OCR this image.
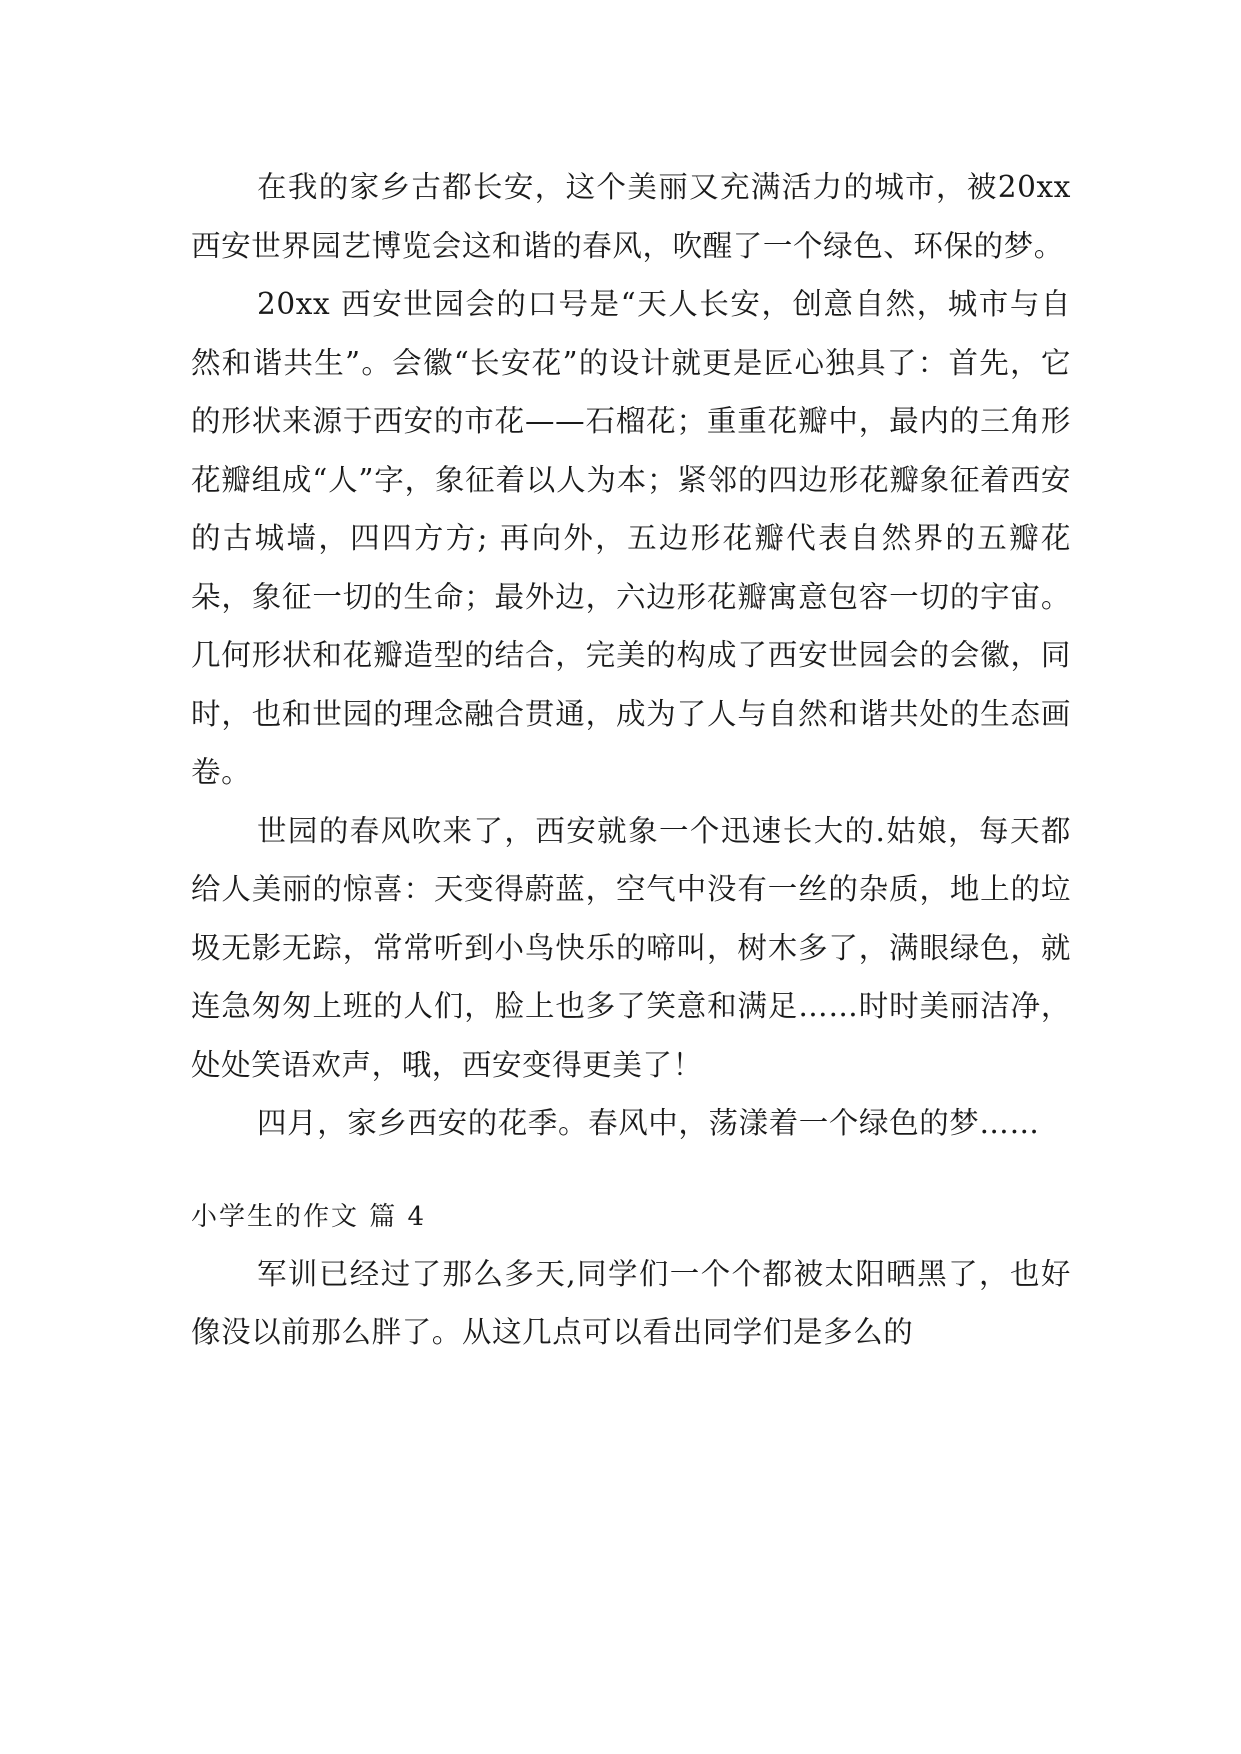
在我的家乡古都长安，这个美丽又充满活力的城市，被20xx 西安世界园艺博览会这和谐的春风，吹醒了一个绿色、环保的梦。

20xx 西安世园会的口号是“天人长安，创意自然，城市与自然和谐共生”。会徽“长安花”的设计就更是匠心独具了：首先，它的形状来源于西安的市花——石榴花；重重花瓣中，最内的三角形花瓣组成“人”字，象征着以人为本；紧邻的四边形花瓣象征着西安的古城墙，四四方方; 再向外，五边形花瓣代表自然界的五瓣花朵，象征一切的生命；最外边，六边形花瓣寓意包容一切的宇宙。几何形状和花瓣造型的结合，完美的构成了西安世园会的会徽，同时，也和世园的理念融合贯通，成为了人与自然和谐共处的生态画卷。

世园的春风吹来了，西安就象一个迅速长大的.姑娘，每天都给人美丽的惊喜：天变得蔚蓝，空气中没有一丝的杂质，地上的垃圾无影无踪，常常听到小鸟快乐的啼叫，树木多了，满眼绿色，就连急匆匆上班的人们，脸上也多了笑意和满足……时时美丽洁净，处处笑语欢声，哦，西安变得更美了！

四月，家乡西安的花季。春风中，荡漾着一个绿色的梦……

小学生的作文 篇 4

军训已经过了那么多天,同学们一个个都被太阳晒黑了，也好像没以前那么胖了。从这几点可以看出同学们是多么的
